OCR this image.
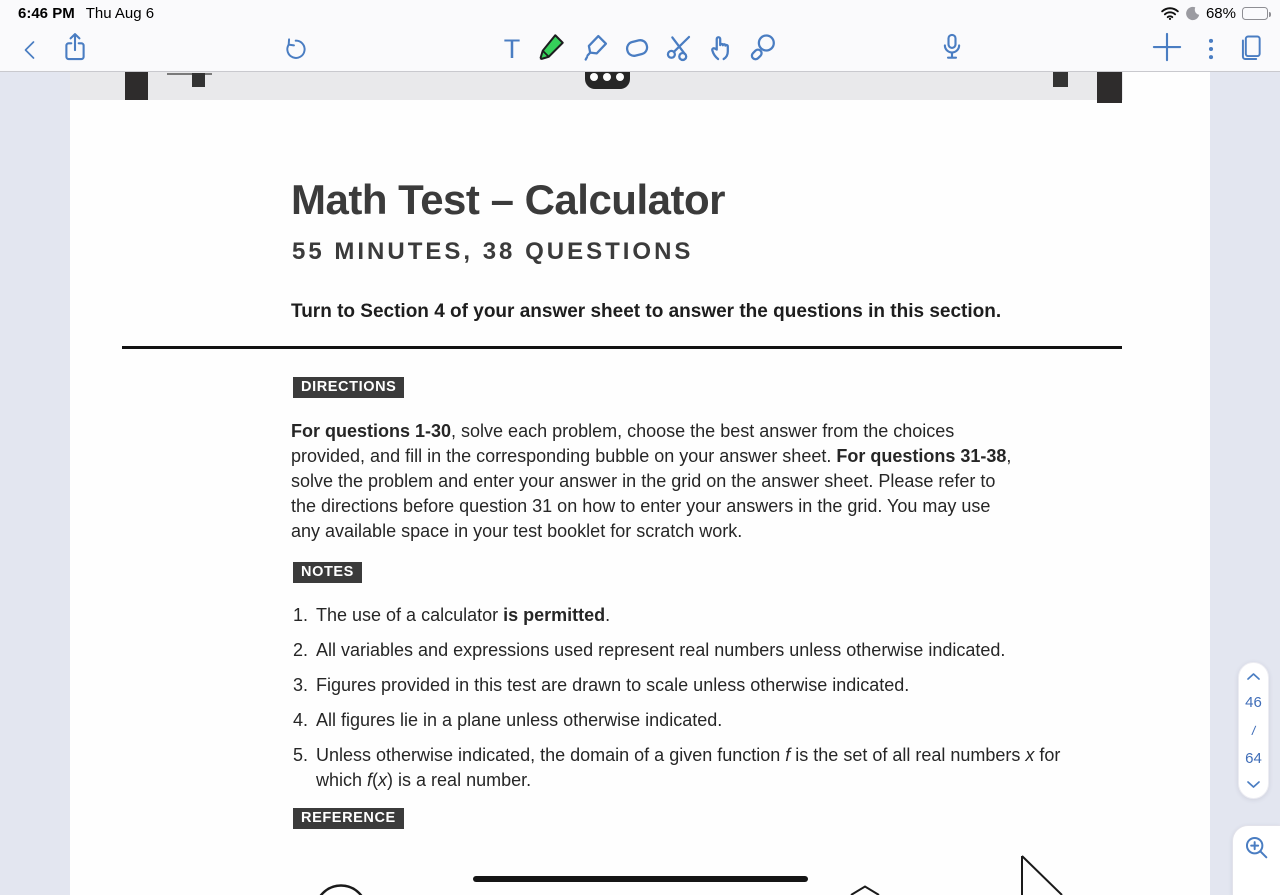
6:46 PM Thu Aug 6	68%
T
Math Test – Calculator
55 MINUTES, 38 QUESTIONS

Turn to Section 4 of your answer sheet to answer the questions in this section.

DIRECTIONS

For questions 1-30, solve each problem, choose the best answer from the choices provided, and fill in the corresponding bubble on your answer sheet. For questions 31-38, solve the problem and enter your answer in the grid on the answer sheet. Please refer to the directions before question 31 on how to enter your answers in the grid. You may use any available space in your test booklet for scratch work.

NOTES
1. The use of a calculator is permitted.
2. All variables and expressions used represent real numbers unless otherwise indicated.
3. Figures provided in this test are drawn to scale unless otherwise indicated.
4. All figures lie in a plane unless otherwise indicated.
5. Unless otherwise indicated, the domain of a given function f is the set of all real numbers x for which f(x) is a real number.
REFERENCE
46
/
64
